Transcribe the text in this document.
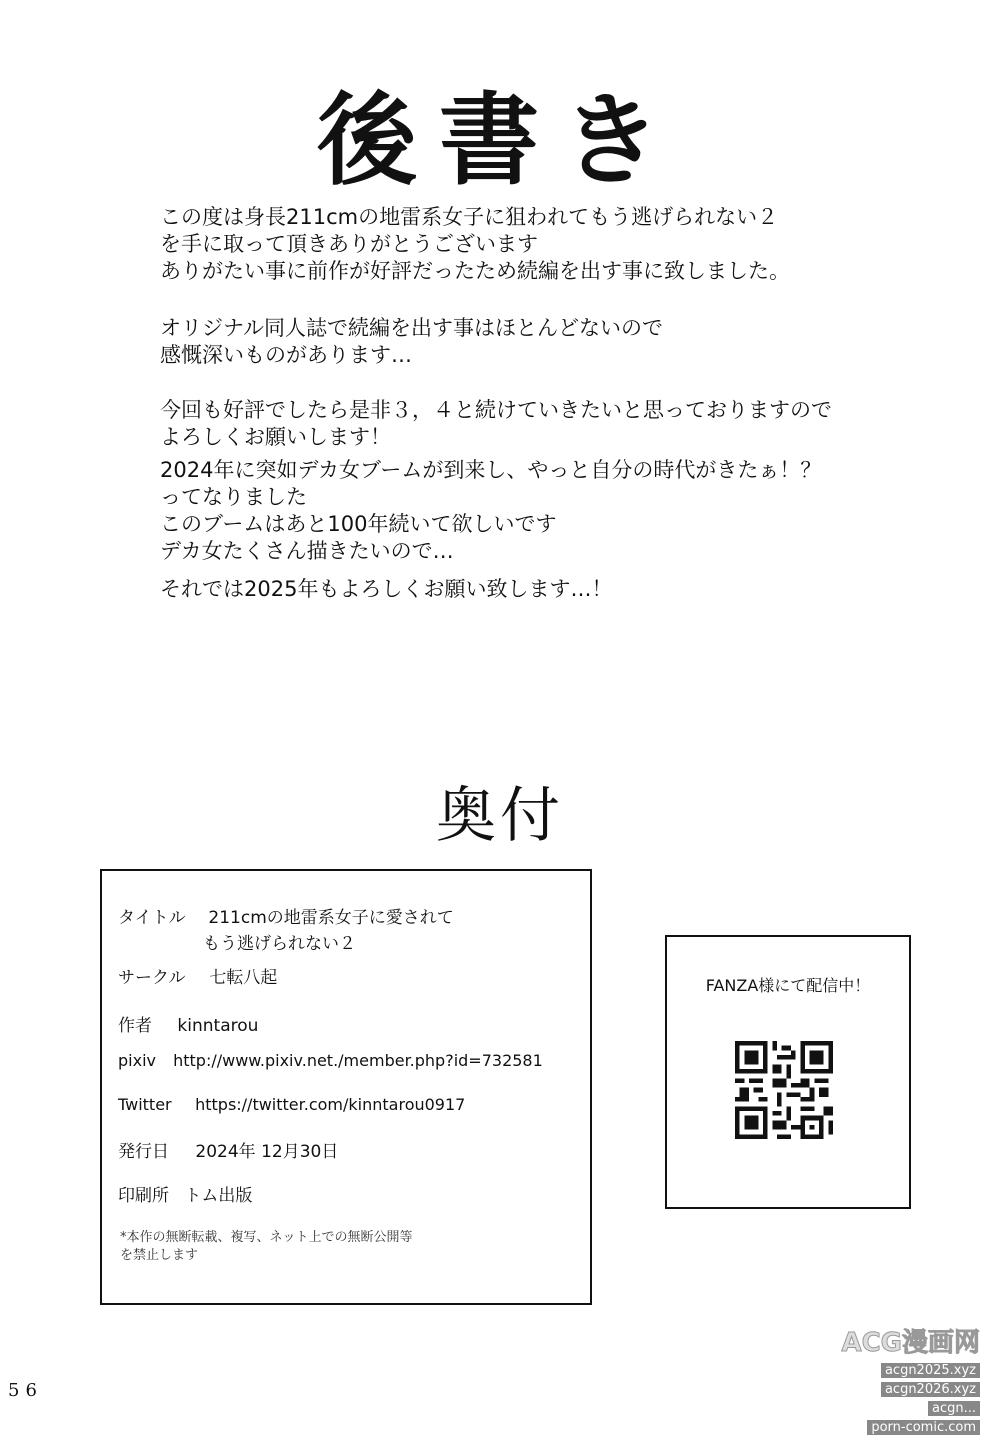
後書き
この度は身長211cmの地雷系女子に狙われてもう逃げられない２
を手に取って頂きありがとうございます
ありがたい事に前作が好評だったため続編を出す事に致しました。
オリジナル同人誌で続編を出す事はほとんどないので
感慨深いものがあります…
今回も好評でしたら是非３，４と続けていきたいと思っておりますので
よろしくお願いします！
2024年に突如デカ女ブームが到来し、やっと自分の時代がきたぁ！？
ってなりました
このブームはあと100年続いて欲しいです
デカ女たくさん描きたいので…
それでは2025年もよろしくお願い致します…！
奥付
タイトル 211cmの地雷系女子に愛されて
もう逃げられない２
サークル 七転八起
作者 kinntarou
pixiv http://www.pixiv.net./member.php?id=732581
Twitter https://twitter.com/kinntarou0917
発行日 2024年 12月30日
印刷所 トム出版
*本作の無断転載、複写、ネット上での無断公開等
を禁止します
FANZA様にて配信中！
56
ACG漫画网
acgn2025.xyz
acgn2026.xyz
acgn...
porn-comic.com
